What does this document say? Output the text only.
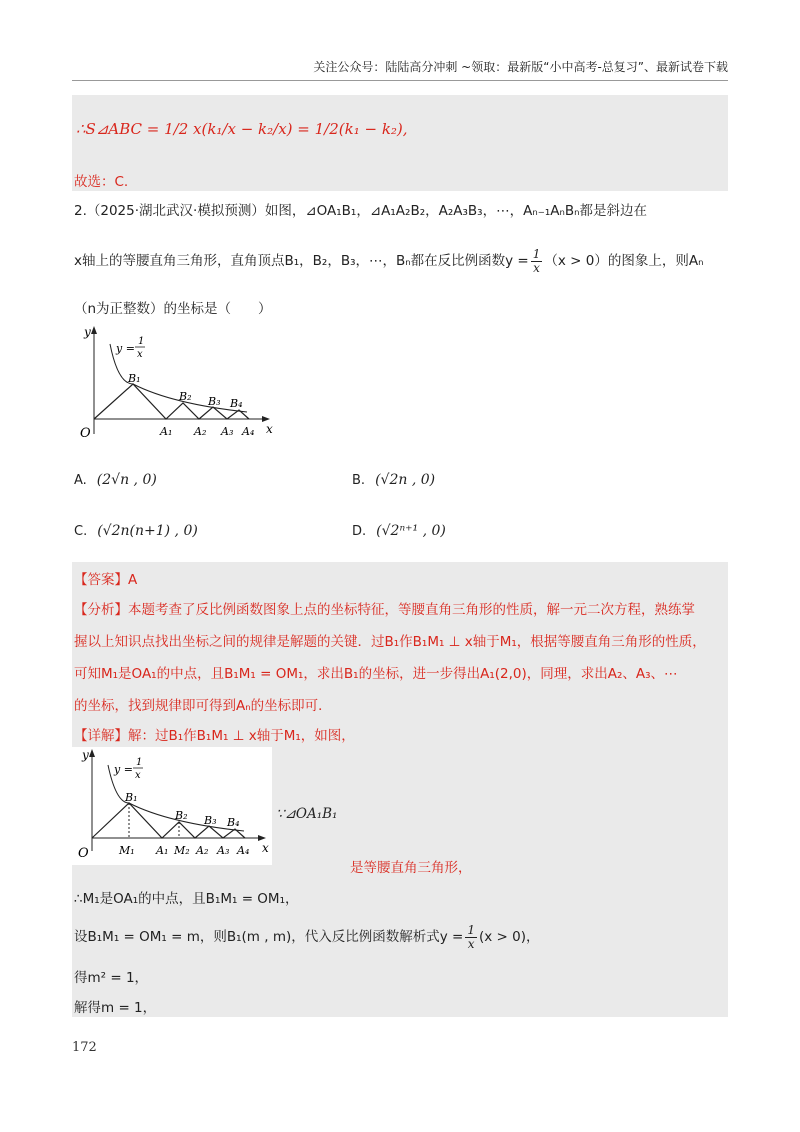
关注公众号：陆陆高分冲刺 ~领取：最新版“小中高考-总复习”、最新试卷下载
∴S⊿ABC = 1/2 x(k₁/x − k₂/x) = 1/2(k₁ − k₂),
故选：C.
2.（2025·湖北武汉·模拟预测）如图，⊿OA₁B₁，⊿A₁A₂B₂，A₂A₃B₃，⋯，Aₙ₋₁AₙBₙ都是斜边在
x轴上的等腰直角三角形，直角顶点B₁，B₂，B₃，⋯，Bₙ都在反比例函数$y = \frac{1}{x} (x > 0)$的图象上，则Aₙ
（n为正整数）的坐标是（　　）
y
x
O
y =
1
x
B₁
B₂ B₃ B₄
A₁ A₂ A₃ A₄
A. (2√n , 0)	B. (√2n , 0)
C. (√2n(n+1) , 0)	D. (√2ⁿ⁺¹ , 0)
【答案】A
【分析】本题考查了反比例函数图象上点的坐标特征，等腰直角三角形的性质，解一元二次方程，熟练掌
握以上知识点找出坐标之间的规律是解题的关键．过B₁作B₁M₁ ⊥ x轴于M₁，根据等腰直角三角形的性质，
可知M₁是OA₁的中点，且B₁M₁ = OM₁，求出B₁的坐标，进一步得出A₁(2,0)，同理，求出A₂、A₃、⋯
的坐标，找到规律即可得到Aₙ的坐标即可．
【详解】解：过B₁作B₁M₁ ⊥ x轴于M₁，如图，
y
x
O
y =
1
x
B₁
B₂ B₃ B₄
M₁ A₁ M₂ A₂ A₃ A₄
∵⊿OA₁B₁
是等腰直角三角形，
∴M₁是OA₁的中点，且B₁M₁ = OM₁，
设B₁M₁ = OM₁ = m，则B₁(m , m)，代入反比例函数解析式$y = \frac{1}{x} (x > 0)$，
得m² = 1，
解得m = 1，
172
